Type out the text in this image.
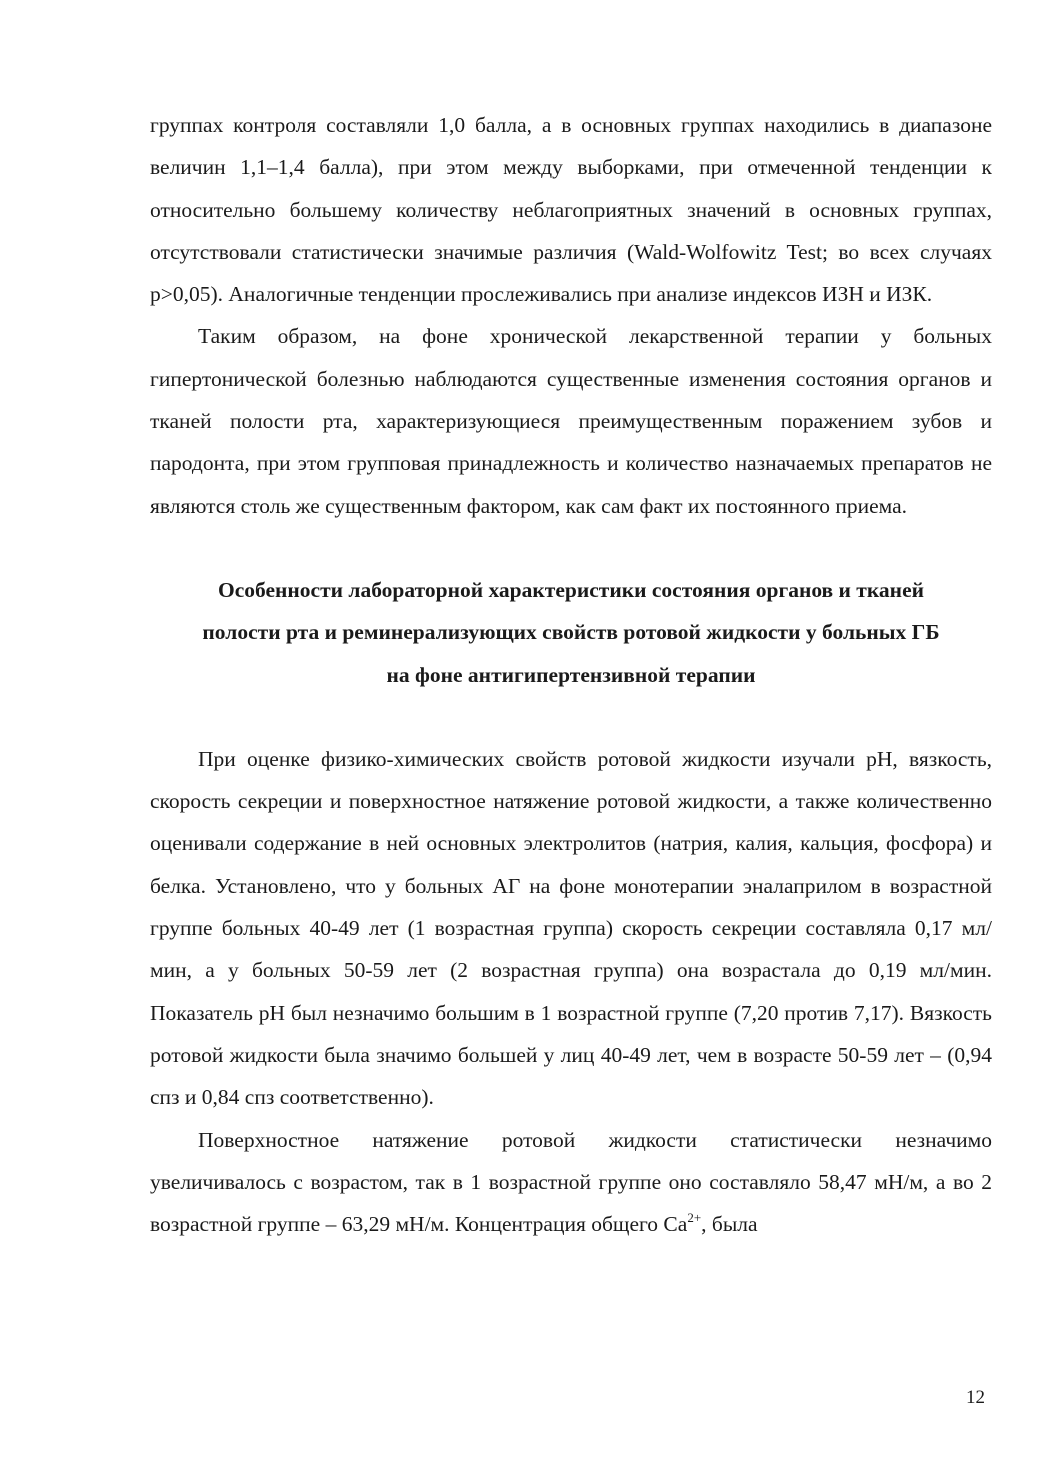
группах контроля составляли 1,0 балла, а в основных группах находились в диапазоне величин 1,1–1,4 балла), при этом между выборками, при отмеченной тенденции к относительно большему количеству неблагоприятных значений в основных группах, отсутствовали статистически значимые различия (Wald-Wolfowitz Test; во всех случаях p>0,05). Аналогичные тенденции прослеживались при анализе индексов ИЗН и ИЗК.

Таким образом, на фоне хронической лекарственной терапии у больных гипертонической болезнью наблюдаются существенные изменения состояния органов и тканей полости рта, характеризующиеся преимущественным поражением зубов и пародонта, при этом групповая принадлежность и количество назначаемых препаратов не являются столь же существенным фактором, как сам факт их постоянного приема.

Особенности лабораторной характеристики состояния органов и тканей

полости рта и реминерализующих свойств ротовой жидкости у больных ГБ

на фоне антигипертензивной терапии

При оценке физико-химических свойств ротовой жидкости изучали pH, вязкость, скорость секреции и поверхностное натяжение ротовой жидкости, а также количественно оценивали содержание в ней основных электролитов (натрия, калия, кальция, фосфора) и белка. Установлено, что у больных АГ на фоне монотерапии эналаприлом в возрастной группе больных 40-49 лет (1 возрастная группа) скорость секреции составляла 0,17 мл/мин, а у больных 50-59 лет (2 возрастная группа) она возрастала до 0,19 мл/мин. Показатель pH был незначимо большим в 1 возрастной группе (7,20 против 7,17). Вязкость ротовой жидкости была значимо большей у лиц 40-49 лет, чем в возрасте 50-59 лет – (0,94 спз и 0,84 спз соответственно).

Поверхностное натяжение ротовой жидкости статистически незначимо увеличивалось с возрастом, так в 1 возрастной группе оно составляло 58,47 мН/м, а во 2 возрастной группе – 63,29 мН/м. Концентрация общего $Ca^{2+}$, была

12
